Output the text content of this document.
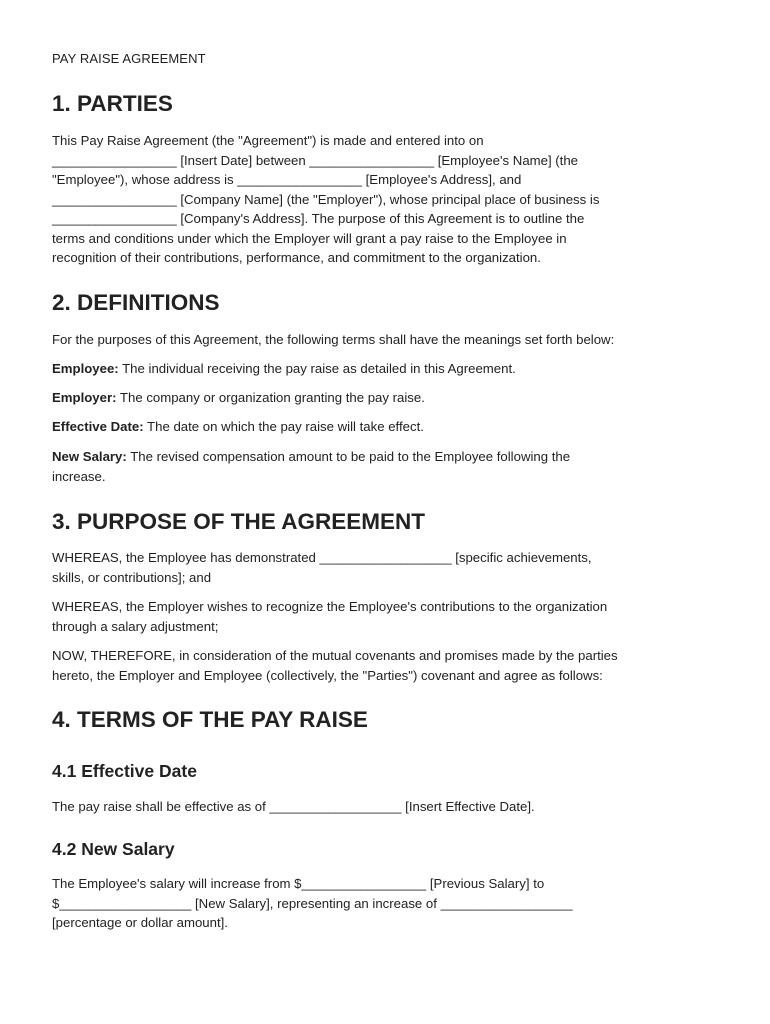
PAY RAISE AGREEMENT
1. PARTIES

This Pay Raise Agreement (the "Agreement") is made and entered into on
_________________ [Insert Date] between _________________ [Employee's Name] (the
"Employee"), whose address is _________________ [Employee's Address], and
_________________ [Company Name] (the "Employer"), whose principal place of business is
_________________ [Company's Address]. The purpose of this Agreement is to outline the
terms and conditions under which the Employer will grant a pay raise to the Employee in
recognition of their contributions, performance, and commitment to the organization.

2. DEFINITIONS

For the purposes of this Agreement, the following terms shall have the meanings set forth below:

Employee: The individual receiving the pay raise as detailed in this Agreement.

Employer: The company or organization granting the pay raise.

Effective Date: The date on which the pay raise will take effect.

New Salary: The revised compensation amount to be paid to the Employee following the
increase.

3. PURPOSE OF THE AGREEMENT

WHEREAS, the Employee has demonstrated __________________ [specific achievements,
skills, or contributions]; and

WHEREAS, the Employer wishes to recognize the Employee's contributions to the organization
through a salary adjustment;

NOW, THEREFORE, in consideration of the mutual covenants and promises made by the parties
hereto, the Employer and Employee (collectively, the "Parties") covenant and agree as follows:

4. TERMS OF THE PAY RAISE
4.1 Effective Date

The pay raise shall be effective as of __________________ [Insert Effective Date].

4.2 New Salary

The Employee's salary will increase from $_________________ [Previous Salary] to
$__________________ [New Salary], representing an increase of __________________
[percentage or dollar amount].
